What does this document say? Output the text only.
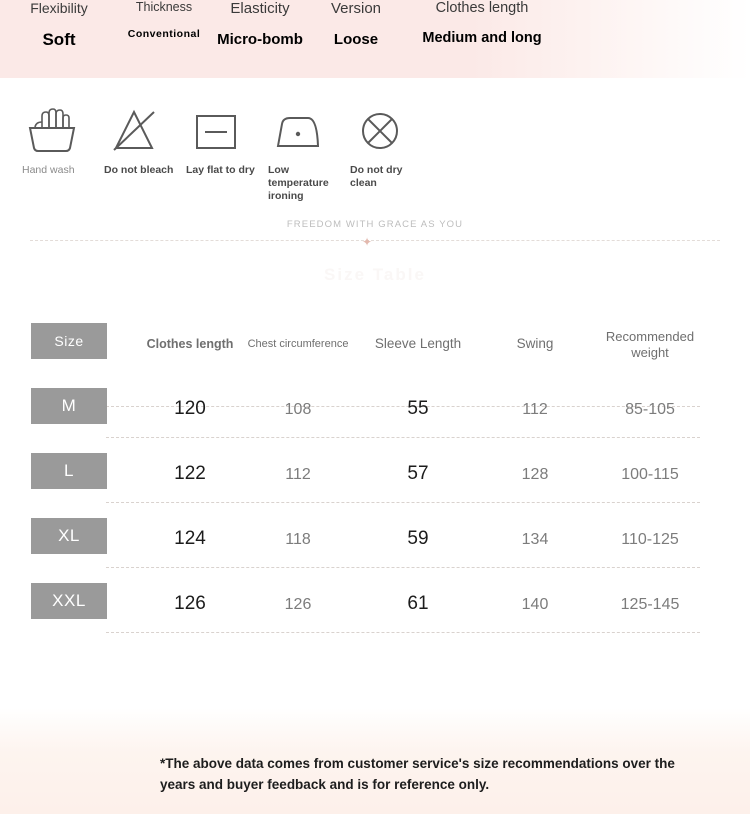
Flexibility
Soft
Thickness
Conventional
Elasticity
Micro-bomb
Version
Loose
Clothes length
Medium and long
Hand wash	Do not bleach Lay flat to dry Low temperature ironing
Do not dry clean
FREEDOM WITH GRACE AS YOU
✦
Size Table
Size	Clothes length	Chest circumference	Sleeve Length	Swing	Recommended weight
M	120	108	55	112	85-105
L	122	112	57	128	100-115
XL	124	118	59	134	110-125
XXL	126	126	61	140	125-145
*The above data comes from customer service's size recommendations over the years and buyer feedback and is for reference only.
